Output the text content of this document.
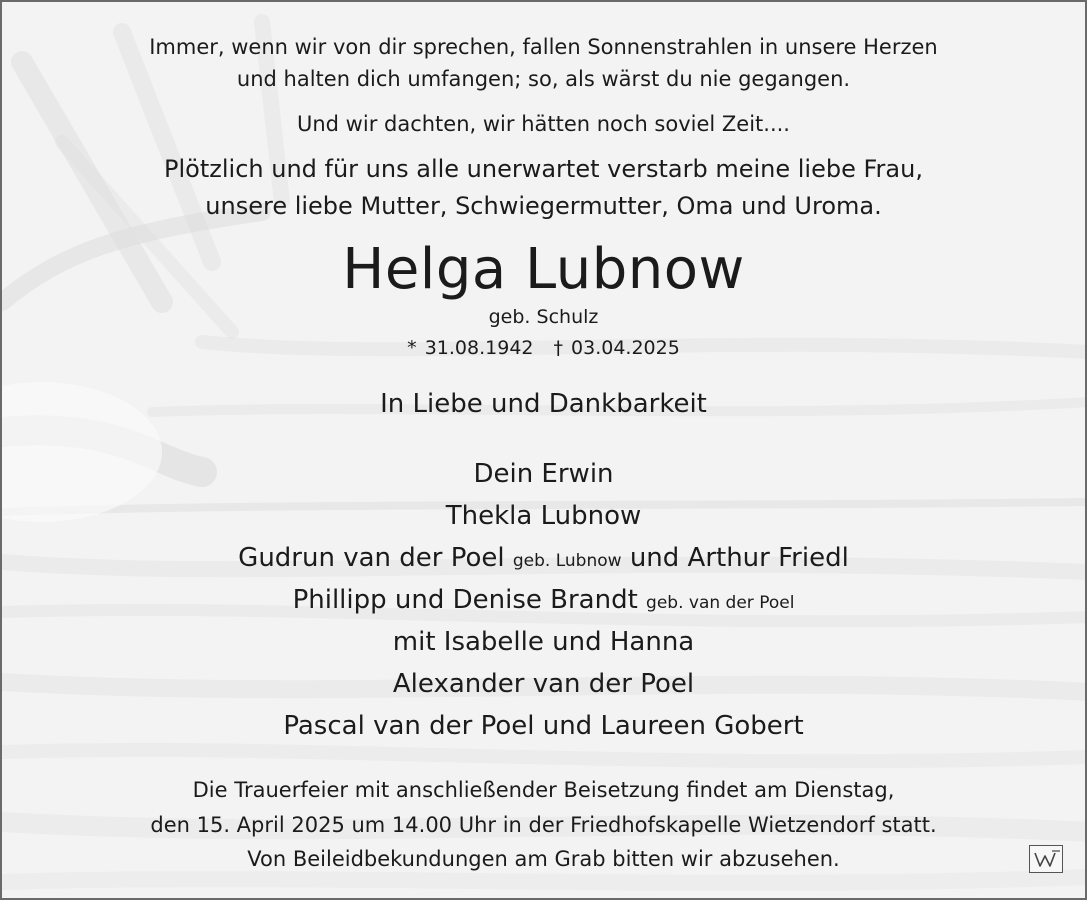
Immer, wenn wir von dir sprechen, fallen Sonnenstrahlen in unsere Herzen
und halten dich umfangen; so, als wärst du nie gegangen.
Und wir dachten, wir hätten noch soviel Zeit....
Plötzlich und für uns alle unerwartet verstarb meine liebe Frau,
unsere liebe Mutter, Schwiegermutter, Oma und Uroma.
Helga Lubnow
geb. Schulz
* 31.08.1942 † 03.04.2025
In Liebe und Dankbarkeit
Dein Erwin
Thekla Lubnow
Gudrun van der Poel geb. Lubnow und Arthur Friedl
Phillipp und Denise Brandt geb. van der Poel
mit Isabelle und Hanna
Alexander van der Poel
Pascal van der Poel und Laureen Gobert
Die Trauerfeier mit anschließender Beisetzung findet am Dienstag,
den 15. April 2025 um 14.00 Uhr in der Friedhofskapelle Wietzendorf statt.
Von Beileidbekundungen am Grab bitten wir abzusehen.
